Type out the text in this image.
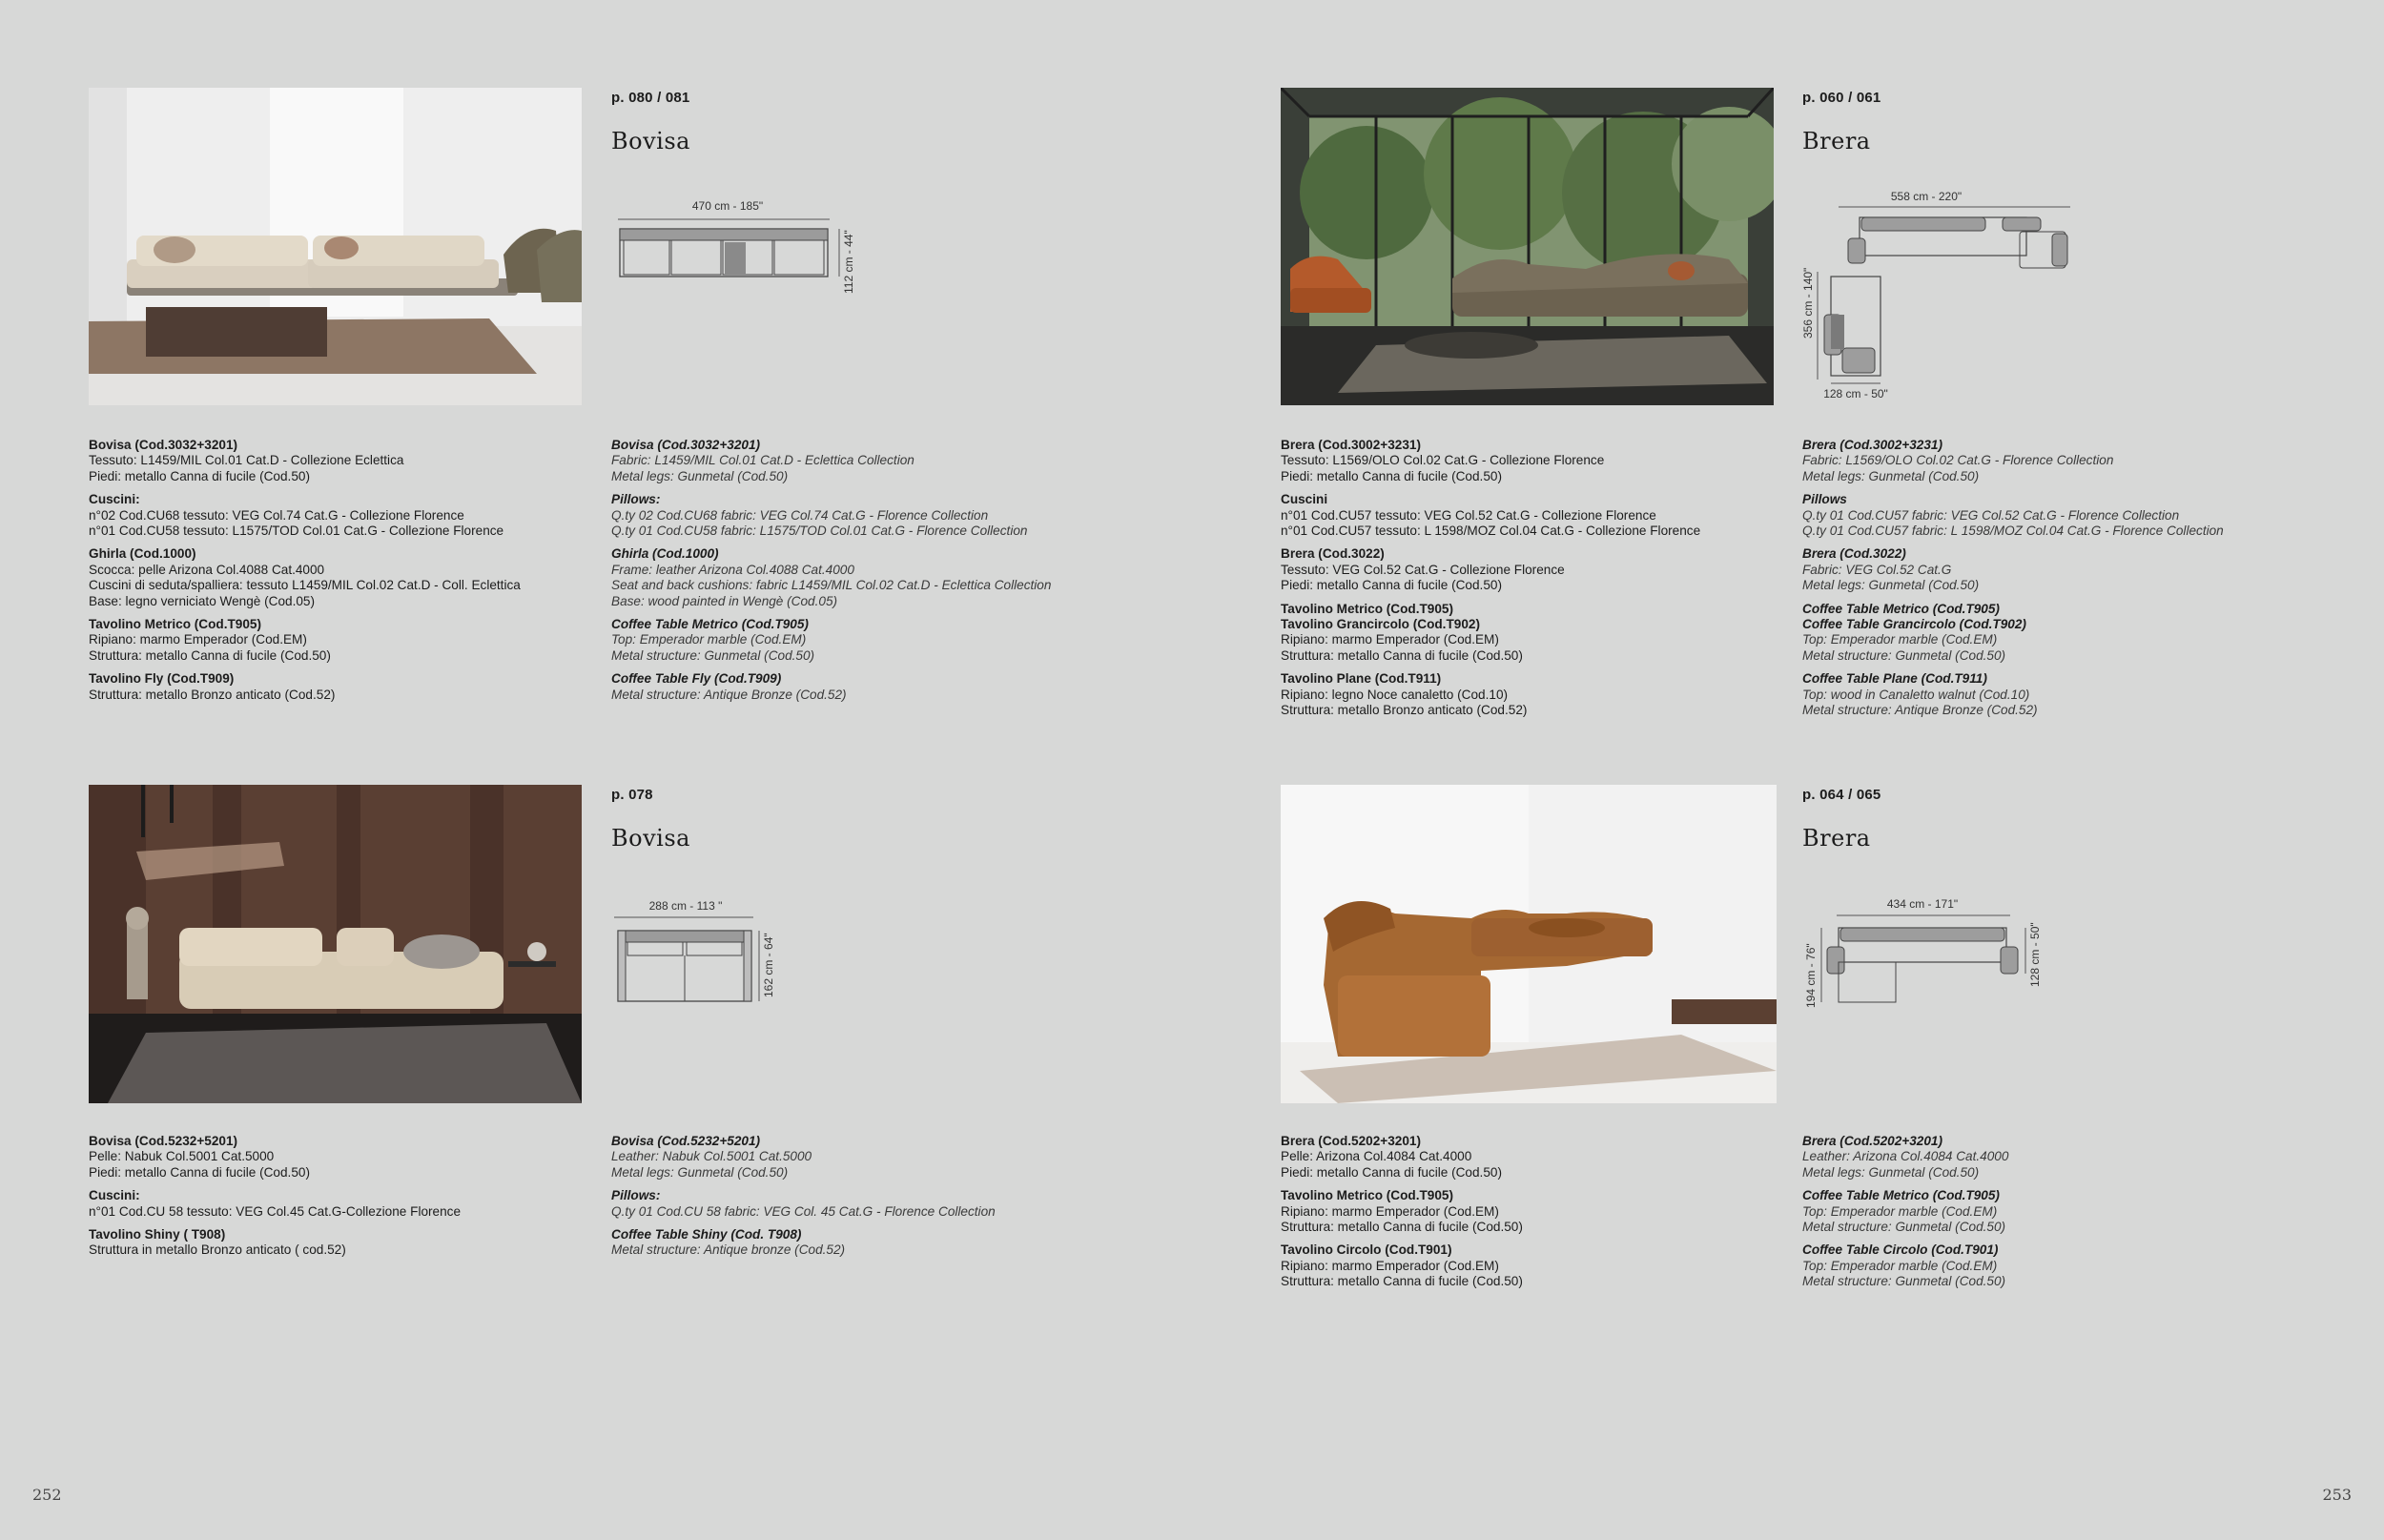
p. 080 / 081
Bovisa
470 cm - 185"
112 cm - 44"
Bovisa (Cod.3032+3201)
Tessuto: L1459/MIL Col.01 Cat.D - Collezione Eclettica
Piedi: metallo Canna di fucile (Cod.50)
Cuscini:
n°02 Cod.CU68 tessuto: VEG Col.74 Cat.G - Collezione Florence
n°01 Cod.CU58 tessuto: L1575/TOD Col.01 Cat.G - Collezione Florence
Ghirla (Cod.1000)
Scocca: pelle Arizona Col.4088 Cat.4000
Cuscini di seduta/spalliera: tessuto L1459/MIL Col.02 Cat.D - Coll. Eclettica
Base: legno verniciato Wengè (Cod.05)
Tavolino Metrico (Cod.T905)
Ripiano: marmo Emperador (Cod.EM)
Struttura: metallo Canna di fucile (Cod.50)
Tavolino Fly (Cod.T909)
Struttura: metallo Bronzo anticato (Cod.52)
Bovisa (Cod.3032+3201)
Fabric: L1459/MIL Col.01 Cat.D - Eclettica Collection
Metal legs: Gunmetal (Cod.50)
Pillows:
Q.ty 02 Cod.CU68 fabric: VEG Col.74 Cat.G - Florence Collection
Q.ty 01 Cod.CU58 fabric: L1575/TOD Col.01 Cat.G - Florence Collection
Ghirla (Cod.1000)
Frame: leather Arizona Col.4088 Cat.4000
Seat and back cushions: fabric L1459/MIL Col.02 Cat.D - Eclettica Collection
Base: wood painted in Wengè (Cod.05)
Coffee Table Metrico (Cod.T905)
Top: Emperador marble (Cod.EM)
Metal structure: Gunmetal (Cod.50)
Coffee Table Fly (Cod.T909)
Metal structure: Antique Bronze (Cod.52)
p. 060 / 061
Brera
558 cm - 220"
356 cm - 140"
128 cm - 50"
Brera (Cod.3002+3231)
Tessuto: L1569/OLO Col.02 Cat.G - Collezione Florence
Piedi: metallo Canna di fucile (Cod.50)
Cuscini
n°01 Cod.CU57 tessuto: VEG Col.52 Cat.G - Collezione Florence
n°01 Cod.CU57 tessuto: L 1598/MOZ Col.04 Cat.G - Collezione Florence
Brera (Cod.3022)
Tessuto: VEG Col.52 Cat.G - Collezione Florence
Piedi: metallo Canna di fucile (Cod.50)
Tavolino Metrico (Cod.T905)
Tavolino Grancircolo (Cod.T902)
Ripiano: marmo Emperador (Cod.EM)
Struttura: metallo Canna di fucile (Cod.50)
Tavolino Plane (Cod.T911)
Ripiano: legno Noce canaletto (Cod.10)
Struttura: metallo Bronzo anticato (Cod.52)
Brera (Cod.3002+3231)
Fabric: L1569/OLO Col.02 Cat.G - Florence Collection
Metal legs: Gunmetal (Cod.50)
Pillows
Q.ty 01 Cod.CU57 fabric: VEG Col.52 Cat.G - Florence Collection
Q.ty 01 Cod.CU57 fabric: L 1598/MOZ Col.04 Cat.G - Florence Collection
Brera (Cod.3022)
Fabric: VEG Col.52 Cat.G
Metal legs: Gunmetal (Cod.50)
Coffee Table Metrico (Cod.T905)
Coffee Table Grancircolo (Cod.T902)
Top: Emperador marble (Cod.EM)
Metal structure: Gunmetal (Cod.50)
Coffee Table Plane (Cod.T911)
Top: wood in Canaletto walnut (Cod.10)
Metal structure: Antique Bronze (Cod.52)
p. 078
Bovisa
288 cm - 113 "
162 cm - 64"
Bovisa (Cod.5232+5201)
Pelle: Nabuk Col.5001 Cat.5000
Piedi: metallo Canna di fucile (Cod.50)
Cuscini:
n°01 Cod.CU 58 tessuto: VEG Col.45 Cat.G-Collezione Florence
Tavolino Shiny ( T908)
Struttura in metallo Bronzo anticato ( cod.52)
Bovisa (Cod.5232+5201)
Leather: Nabuk Col.5001 Cat.5000
Metal legs: Gunmetal (Cod.50)
Pillows:
Q.ty 01 Cod.CU 58 fabric: VEG Col. 45 Cat.G - Florence Collection
Coffee Table Shiny (Cod. T908)
Metal structure: Antique bronze (Cod.52)
p. 064 / 065
Brera
434 cm - 171"
194 cm - 76"	128 cm - 50"
Brera (Cod.5202+3201)
Pelle: Arizona Col.4084 Cat.4000
Piedi: metallo Canna di fucile (Cod.50)
Tavolino Metrico (Cod.T905)
Ripiano: marmo Emperador (Cod.EM)
Struttura: metallo Canna di fucile (Cod.50)
Tavolino Circolo (Cod.T901)
Ripiano: marmo Emperador (Cod.EM)
Struttura: metallo Canna di fucile (Cod.50)
Brera (Cod.5202+3201)
Leather: Arizona Col.4084 Cat.4000
Metal legs: Gunmetal (Cod.50)
Coffee Table Metrico (Cod.T905)
Top: Emperador marble (Cod.EM)
Metal structure: Gunmetal (Cod.50)
Coffee Table Circolo (Cod.T901)
Top: Emperador marble (Cod.EM)
Metal structure: Gunmetal (Cod.50)
252	253
